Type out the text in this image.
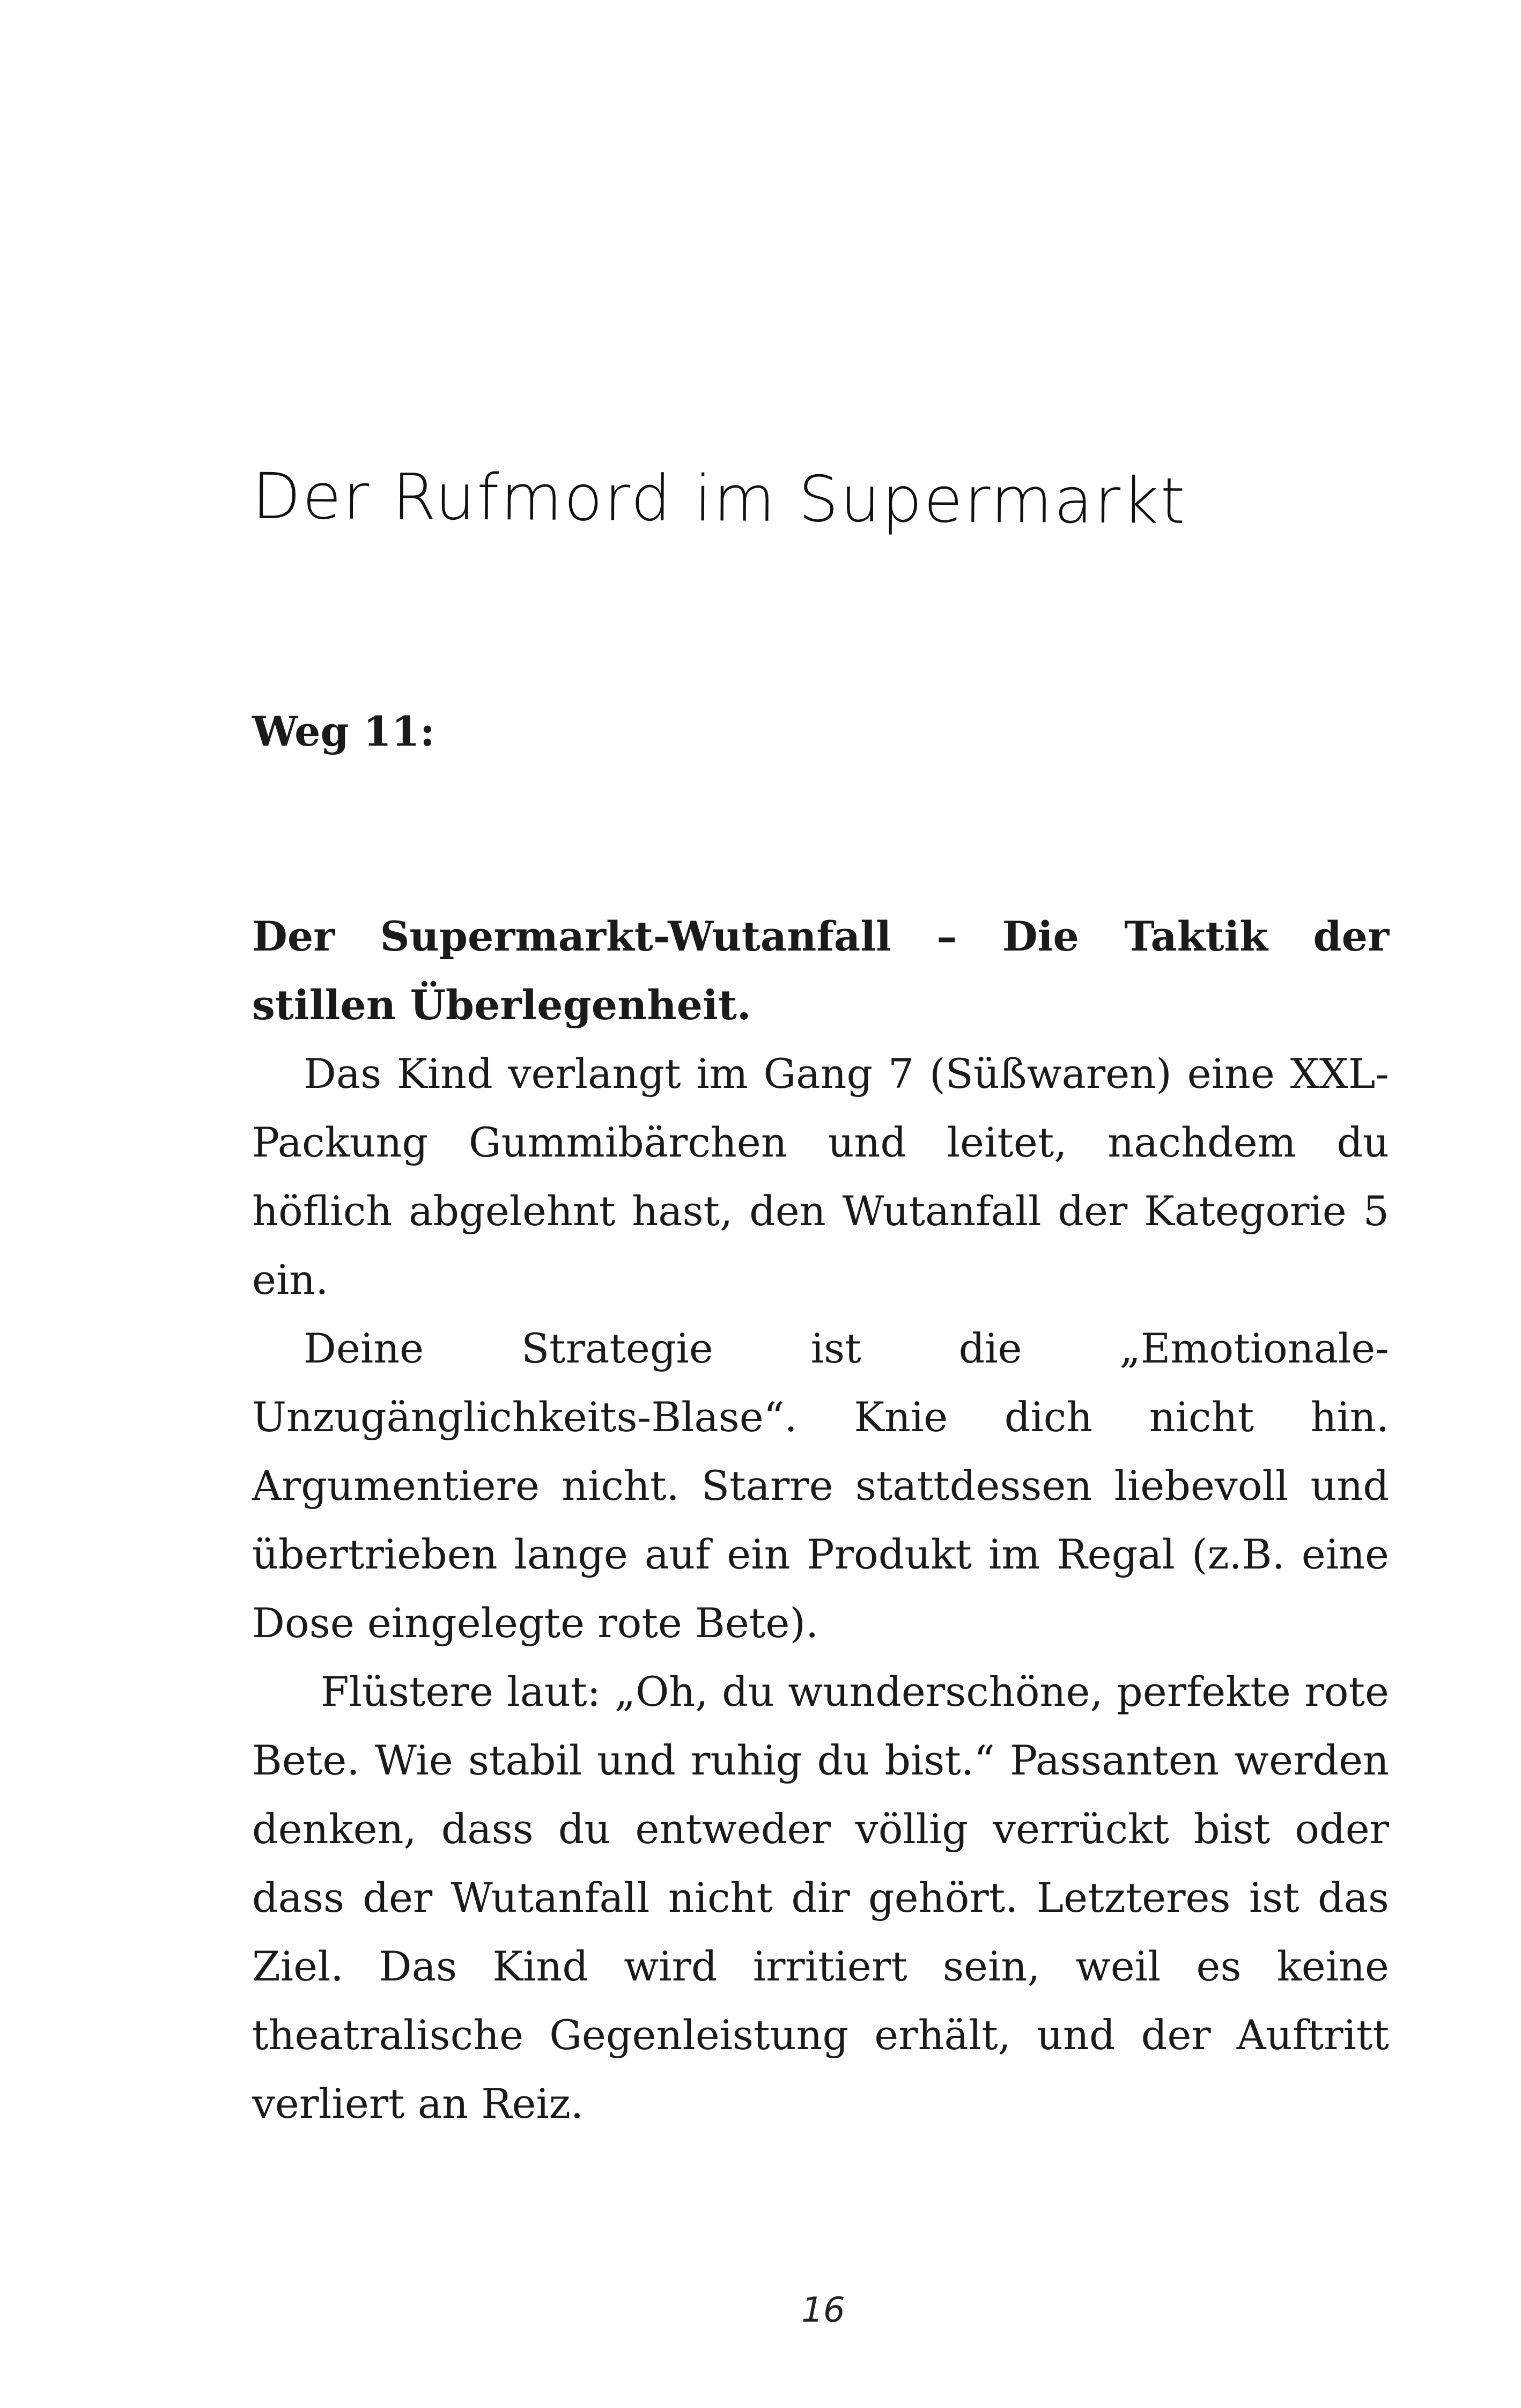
Der Rufmord im Supermarkt

Weg 11:

Der Supermarkt-Wutanfall – Die Taktik der stillen Überlegenheit.

Das Kind verlangt im Gang 7 (Süßwaren) eine XXL-Packung Gummibärchen und leitet, nachdem du höflich abgelehnt hast, den Wutanfall der Kategorie 5 ein.

Deine Strategie ist die „Emotionale-Unzugänglichkeits-Blase“. Knie dich nicht hin. Argumentiere nicht. Starre stattdessen liebevoll und übertrieben lange auf ein Produkt im Regal (z.B. eine Dose eingelegte rote Bete).

Flüstere laut: „Oh, du wunderschöne, perfekte rote Bete. Wie stabil und ruhig du bist.“ Passanten werden denken, dass du entweder völlig verrückt bist oder dass der Wutanfall nicht dir gehört. Letzteres ist das Ziel. Das Kind wird irritiert sein, weil es keine theatralische Gegenleistung erhält, und der Auftritt verliert an Reiz.

16
